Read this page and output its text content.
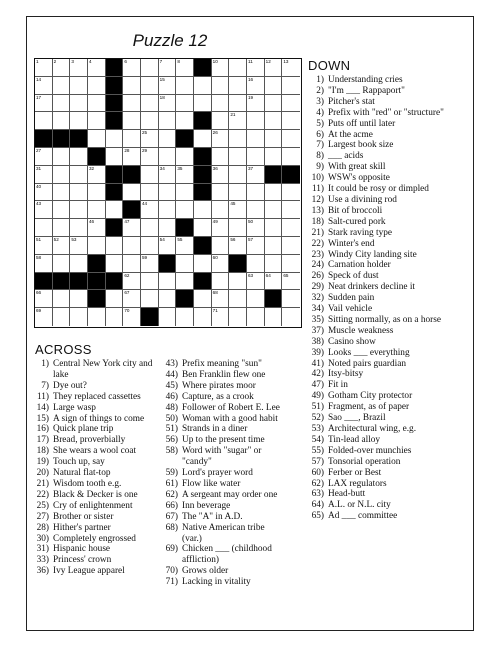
Puzzle 12
1	2	3	4	6	7	8	10	11	12	13
14	15	16
17	18	19
21
25	26
27	28	29
31	32	34	35	36	37
40
43	44	45
46	47	49	50
51	52	53	54	55	56	57
58	59	60
62	63	64	65
66	67	68
69	70	71
DOWN
1) Understanding cries
2) "I'm ___ Rappaport"
3) Pitcher's stat
4) Prefix with "red" or "structure"
5) Puts off until later
6) At the acme
7) Largest book size
8) ___ acids
9) With great skill
10) WSW's opposite
11) It could be rosy or dimpled
12) Use a divining rod
13) Bit of broccoli
18) Salt-cured pork
21) Stark raving type
22) Winter's end
23) Windy City landing site
24) Carnation holder
26) Speck of dust
29) Neat drinkers decline it
32) Sudden pain
34) Vail vehicle
35) Sitting normally, as on a horse
37) Muscle weakness
38) Casino show
39) Looks ___ everything
41) Noted pairs guardian
42) Itsy-bitsy
47) Fit in
49) Gotham City protector
51) Fragment, as of paper
52) Sao ___, Brazil
53) Architectural wing, e.g.
54) Tin-lead alloy
55) Folded-over munchies
57) Tonsorial operation
60) Ferber or Best
62) LAX regulators
63) Head-butt
64) A.L. or N.L. city
65) Ad ___ committee
ACROSS
1) Central New York city and
lake
7) Dye out?
11) They replaced cassettes
14) Large wasp
15) A sign of things to come
16) Quick plane trip
17) Bread, proverbially
18) She wears a wool coat
19) Touch up, say
20) Natural flat-top
21) Wisdom tooth e.g.
22) Black & Decker is one
25) Cry of enlightenment
27) Brother or sister
28) Hither's partner
30) Completely engrossed
31) Hispanic house
33) Princess' crown
36) Ivy League apparel
43) Prefix meaning "sun"
44) Ben Franklin flew one
45) Where pirates moor
46) Capture, as a crook
48) Follower of Robert E. Lee
50) Woman with a good habit
51) Strands in a diner
56) Up to the present time
58) Word with "sugar" or
"candy"
59) Lord's prayer word
61) Flow like water
62) A sergeant may order one
66) Inn beverage
67) The "A" in A.D.
68) Native American tribe
(var.)
69) Chicken ___ (childhood
affliction)
70) Grows older
71) Lacking in vitality
